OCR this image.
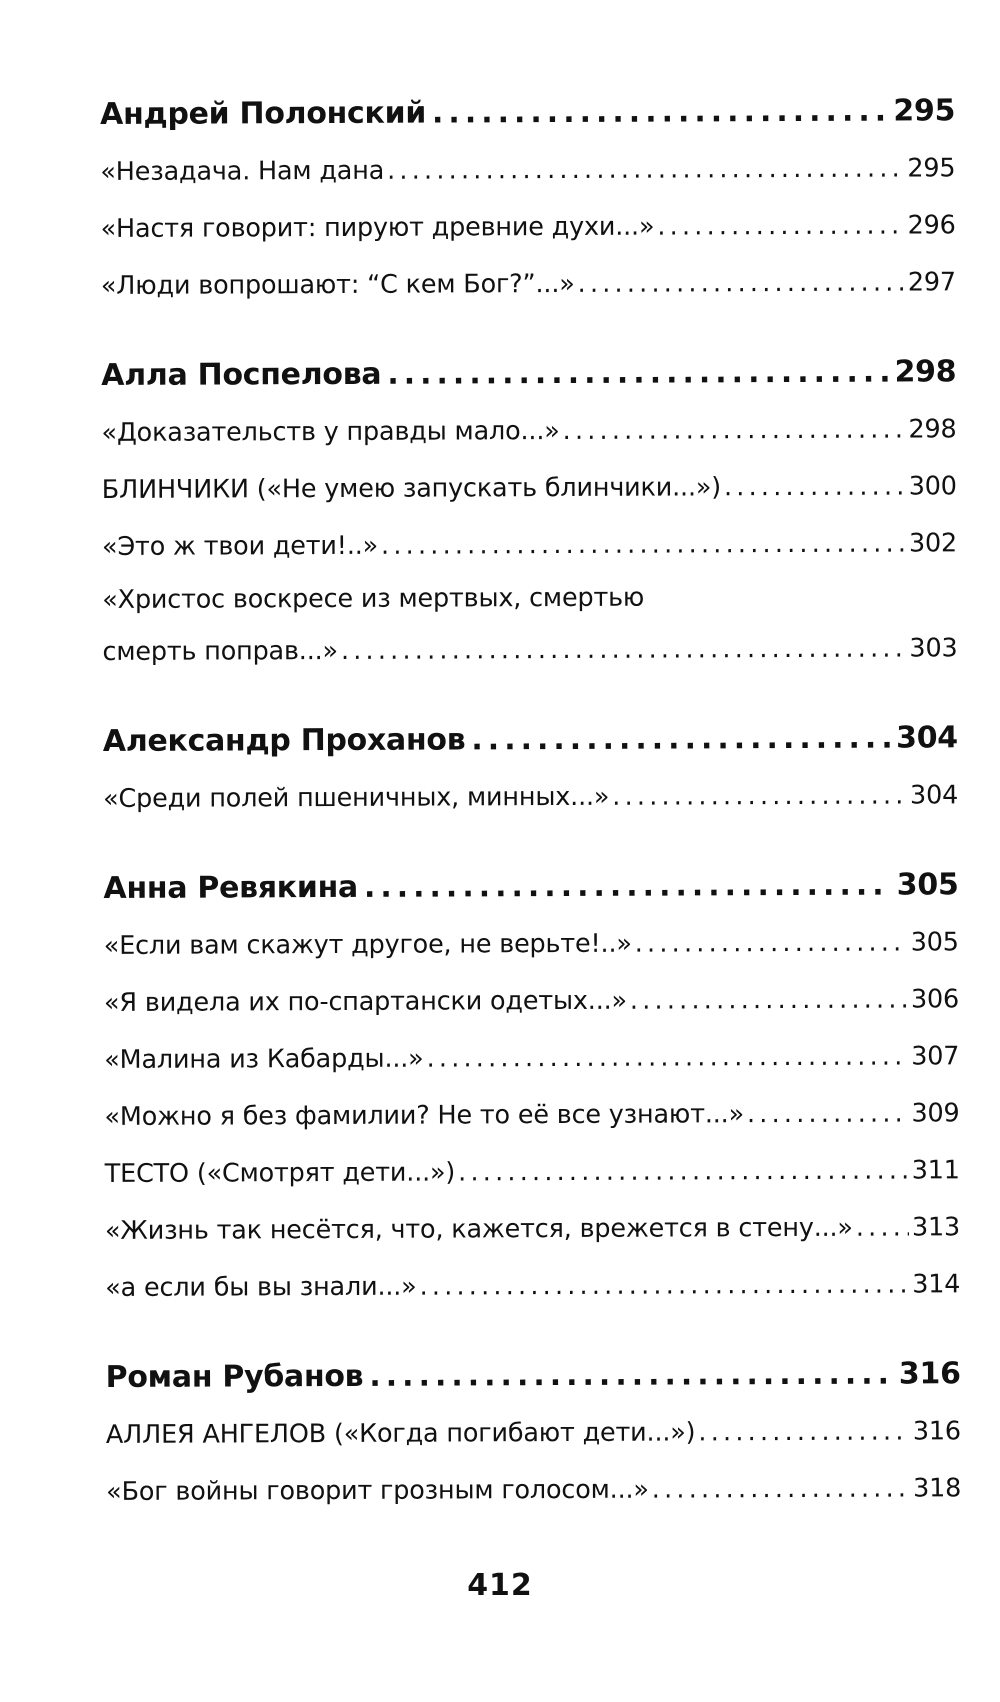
Андрей Полонский .....	295
«Незадача. Нам дана .....	295
«Настя говорит: пируют древние духи...» .....	296
«Люди вопрошают: “С кем Бог?”...» .....	297
Алла Поспелова .....	298
«Доказательств у правды мало...» .....	298
БЛИНЧИКИ («Не умею запускать блинчики...») .....	300
«Это ж твои дети!..» .....	302
«Христос воскресе из мертвых, смертью
смерть поправ...» .....	303
Александр Проханов .....	304
«Среди полей пшеничных, минных...» .....	304
Анна Ревякина .....	305
«Если вам скажут другое, не верьте!..» .....	305
«Я видела их по-спартански одетых...» .....	306
«Малина из Кабарды...» .....	307
«Можно я без фамилии? Не то её все узнают...» .....	309
ТЕСТО («Смотрят дети...») .....	311
«Жизнь так несётся, что, кажется, врежется в стену...» ..... 313
«а если бы вы знали...» .....	314
Роман Рубанов .....	316
АЛЛЕЯ АНГЕЛОВ («Когда погибают дети...») .....	316
«Бог войны говорит грозным голосом...» .....	318
412
